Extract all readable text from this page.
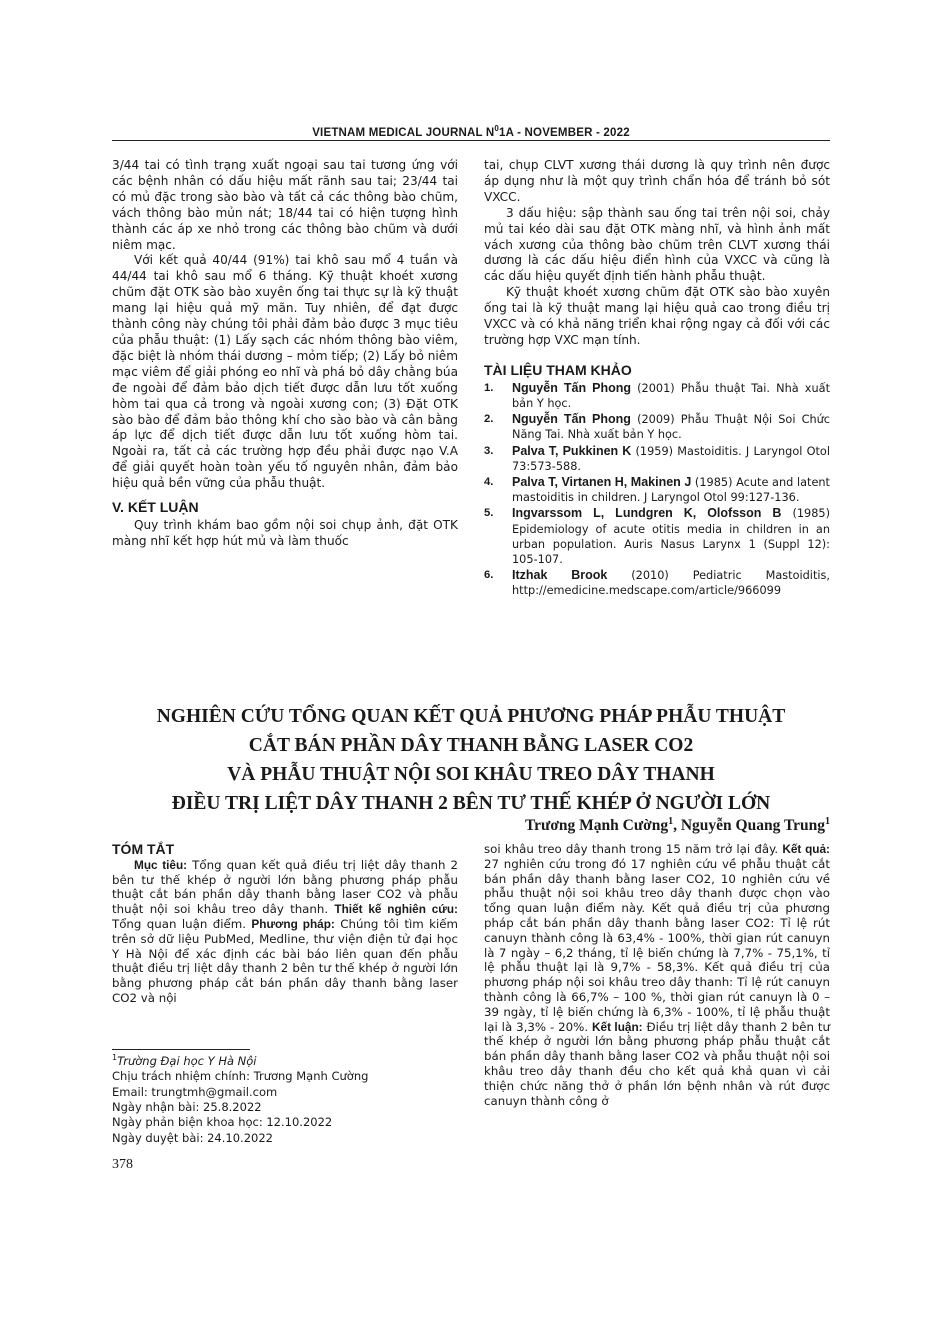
VIETNAM MEDICAL JOURNAL $N^01A$ - NOVEMBER - 2022

3/44 tai có tình trạng xuất ngoại sau tai tương ứng với các bệnh nhân có dấu hiệu mất rãnh sau tai; 23/44 tai có mủ đặc trong sào bào và tất cả các thông bào chũm, vách thông bào mủn nát; 18/44 tai có hiện tượng hình thành các áp xe nhỏ trong các thông bào chũm và dưới niêm mạc.

Với kết quả 40/44 (91%) tai khô sau mổ 4 tuần và 44/44 tai khô sau mổ 6 tháng. Kỹ thuật khoét xương chũm đặt OTK sào bào xuyên ống tai thực sự là kỹ thuật mang lại hiệu quả mỹ mãn. Tuy nhiên, để đạt được thành công này chúng tôi phải đảm bảo được 3 mục tiêu của phẫu thuật: (1) Lấy sạch các nhóm thông bào viêm, đặc biệt là nhóm thái dương – mỏm tiếp; (2) Lấy bỏ niêm mạc viêm để giải phóng eo nhĩ và phá bỏ dây chằng búa đe ngoài để đảm bảo dịch tiết được dẫn lưu tốt xuống hòm tai qua cả trong và ngoài xương con; (3) Đặt OTK sào bào để đảm bảo thông khí cho sào bào và cân bằng áp lực để dịch tiết được dẫn lưu tốt xuống hòm tai. Ngoài ra, tất cả các trường hợp đều phải được nạo V.A để giải quyết hoàn toàn yếu tố nguyên nhân, đảm bảo hiệu quả bền vững của phẫu thuật.

V. KẾT LUẬN

Quy trình khám bao gồm nội soi chụp ảnh, đặt OTK màng nhĩ kết hợp hút mủ và làm thuốc

tai, chụp CLVT xương thái dương là quy trình nên được áp dụng như là một quy trình chẩn hóa để tránh bỏ sót VXCC.

3 dấu hiệu: sập thành sau ống tai trên nội soi, chảy mủ tai kéo dài sau đặt OTK màng nhĩ, và hình ảnh mất vách xương của thông bào chũm trên CLVT xương thái dương là các dấu hiệu điển hình của VXCC và cũng là các dấu hiệu quyết định tiến hành phẫu thuật.

Kỹ thuật khoét xương chũm đặt OTK sào bào xuyên ống tai là kỹ thuật mang lại hiệu quả cao trong điều trị VXCC và có khả năng triển khai rộng ngay cả đối với các trường hợp VXC mạn tính.

TÀI LIỆU THAM KHẢO
1. Nguyễn Tấn Phong (2001) Phẫu thuật Tai. Nhà xuất bản Y học.
2. Nguyễn Tấn Phong (2009) Phẫu Thuật Nội Soi Chức Năng Tai. Nhà xuất bản Y học.
3. Palva T, Pukkinen K (1959) Mastoiditis. J Laryngol Otol 73:573-588.
4. Palva T, Virtanen H, Makinen J (1985) Acute and latent mastoiditis in children. J Laryngol Otol 99:127-136.
5. Ingvarssom L, Lundgren K, Olofsson B (1985) Epidemiology of acute otitis media in children in an urban population. Auris Nasus Larynx 1 (Suppl 12): 105-107.
6. Itzhak Brook (2010) Pediatric Mastoiditis, http://emedicine.medscape.com/article/966099
NGHIÊN CỨU TỔNG QUAN KẾT QUẢ PHƯƠNG PHÁP PHẪU THUẬT
CẮT BÁN PHẦN DÂY THANH BẰNG LASER CO2
VÀ PHẪU THUẬT NỘI SOI KHÂU TREO DÂY THANH
ĐIỀU TRỊ LIỆT DÂY THANH 2 BÊN TƯ THẾ KHÉP Ở NGƯỜI LỚN
Trương Mạnh Cường$^1$, Nguyễn Quang Trung$^1$
TÓM TẮT

Mục tiêu: Tổng quan kết quả điều trị liệt dây thanh 2 bên tư thế khép ở người lớn bằng phương pháp phẫu thuật cắt bán phần dây thanh bằng laser CO2 và phẫu thuật nội soi khâu treo dây thanh. Thiết kế nghiên cứu: Tổng quan luận điểm. Phương pháp: Chúng tôi tìm kiếm trên sở dữ liệu PubMed, Medline, thư viện điện tử đại học Y Hà Nội để xác định các bài báo liên quan đến phẫu thuật điều trị liệt dây thanh 2 bên tư thế khép ở người lớn bằng phương pháp cắt bán phần dây thanh bằng laser CO2 và nội

soi khâu treo dây thanh trong 15 năm trở lại đây. Kết quả: 27 nghiên cứu trong đó 17 nghiên cứu về phẫu thuật cắt bán phần dây thanh bằng laser CO2, 10 nghiên cứu về phẫu thuật nội soi khâu treo dây thanh được chọn vào tổng quan luận điểm này. Kết quả điều trị của phương pháp cắt bán phần dây thanh bằng laser CO2: Tỉ lệ rút canuyn thành công là 63,4% - 100%, thời gian rút canuyn là 7 ngày – 6,2 tháng, tỉ lệ biến chứng là 7,7% - 75,1%, tỉ lệ phẫu thuật lại là 9,7% - 58,3%. Kết quả điều trị của phương pháp nội soi khâu treo dây thanh: Tỉ lệ rút canuyn thành công là 66,7% – 100 %, thời gian rút canuyn là 0 – 39 ngày, tỉ lệ biến chứng là 6,3% - 100%, tỉ lệ phẫu thuật lại là 3,3% - 20%. Kết luận: Điều trị liệt dây thanh 2 bên tư thế khép ở người lớn bằng phương pháp phẫu thuật cắt bán phần dây thanh bằng laser CO2 và phẫu thuật nội soi khâu treo dây thanh đều cho kết quả khả quan vì cải thiện chức năng thở ở phần lớn bệnh nhân và rút được canuyn thành công ở

$^1$Trường Đại học Y Hà Nội
Chịu trách nhiệm chính: Trương Mạnh Cường
Email: trungtmh@gmail.com
Ngày nhận bài: 25.8.2022
Ngày phản biện khoa học: 12.10.2022
Ngày duyệt bài: 24.10.2022
378
